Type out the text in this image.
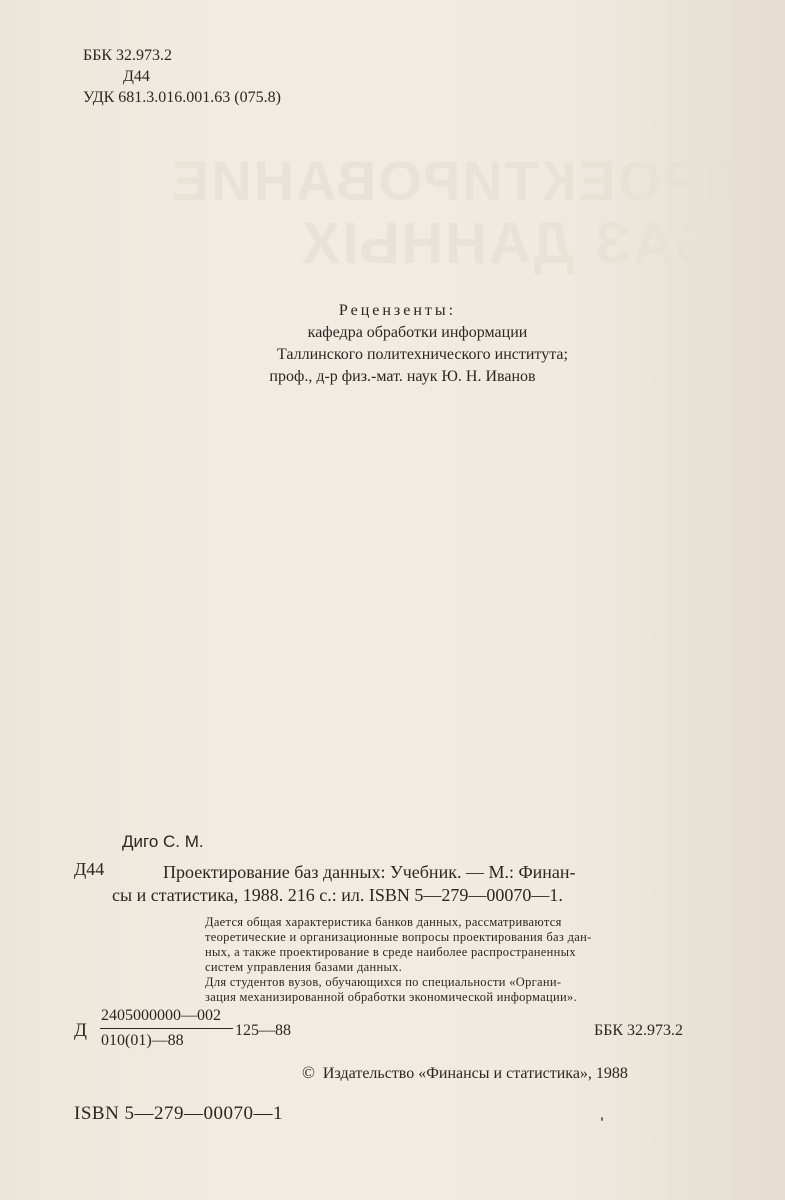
ПРОЕКТИРОВАНИЕ
БАЗ ДАННЫХ
ББК 32.973.2
Д44
УДК 681.3.016.001.63 (075.8)
Рецензенты:
кафедра обработки информации
Таллинского политехнического института;
проф., д-р физ.-мат. наук Ю. Н. Иванов
Диго С. М.
Д44	Проектирование баз данных: Учебник. — М.: Финан-
сы и статистика, 1988. 216 с.: ил. ISBN 5—279—00070—1.
Дается общая характеристика банков данных, рассматриваются
теоретические и организационные вопросы проектирования баз дан-
ных, а также проектирование в среде наиболее распространенных
систем управления базами данных.
Для студентов вузов, обучающихся по специальности «Органи-
зация механизированной обработки экономической информации».
Д
2405000000—002
010(01)—88
125—88	ББК 32.973.2
© Издательство «Финансы и статистика», 1988
ISBN 5—279—00070—1
